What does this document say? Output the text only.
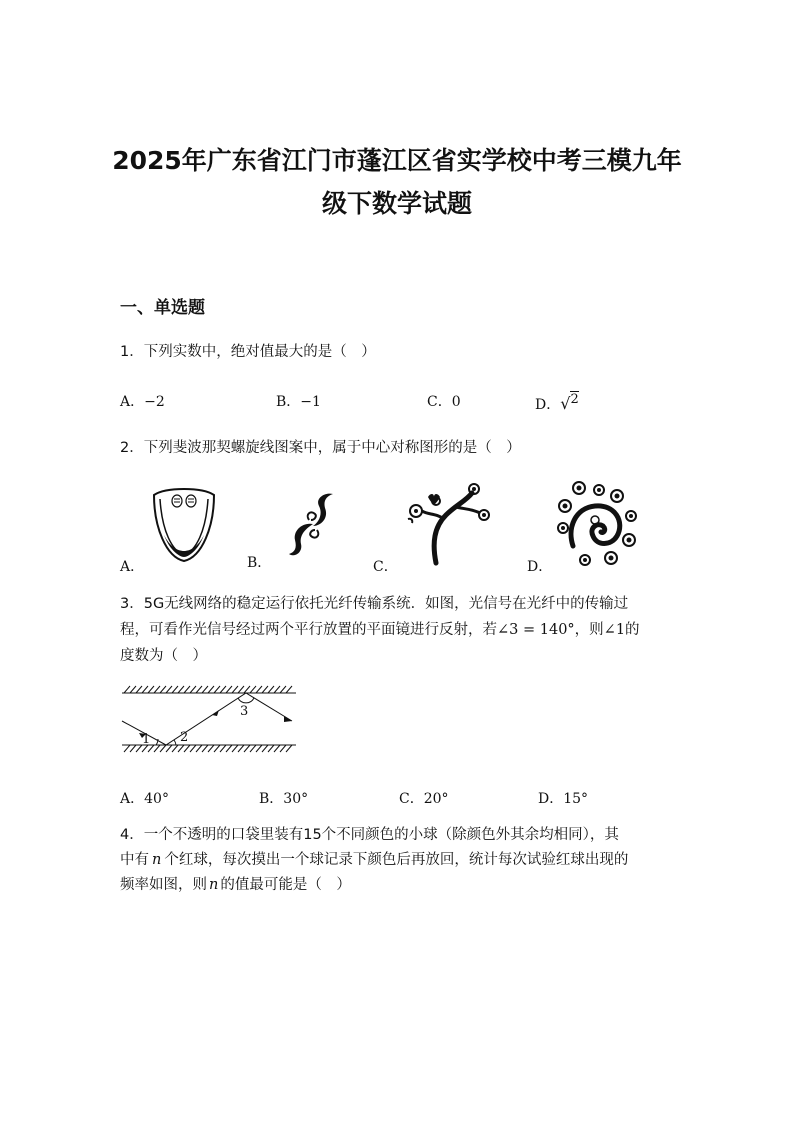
2025年广东省江门市蓬江区省实学校中考三模九年
级下数学试题
一、单选题
1．下列实数中，绝对值最大的是（　）
A．−2	B．−1	C．0	D．√2
2．下列斐波那契螺旋线图案中，属于中心对称图形的是（　）
A．	B．	C．	D．
3．5G无线网络的稳定运行依托光纤传输系统．如图，光信号在光纤中的传输过
程，可看作光信号经过两个平行放置的平面镜进行反射，若∠3 = 140°，则∠1的
度数为（　）
1 2
3
A．40°	B．30°	C．20°	D．15°
4．一个不透明的口袋里装有15个不同颜色的小球（除颜色外其余均相同），其
中有 n 个红球，每次摸出一个球记录下颜色后再放回，统计每次试验红球出现的
频率如图，则 n 的值最可能是（　）
